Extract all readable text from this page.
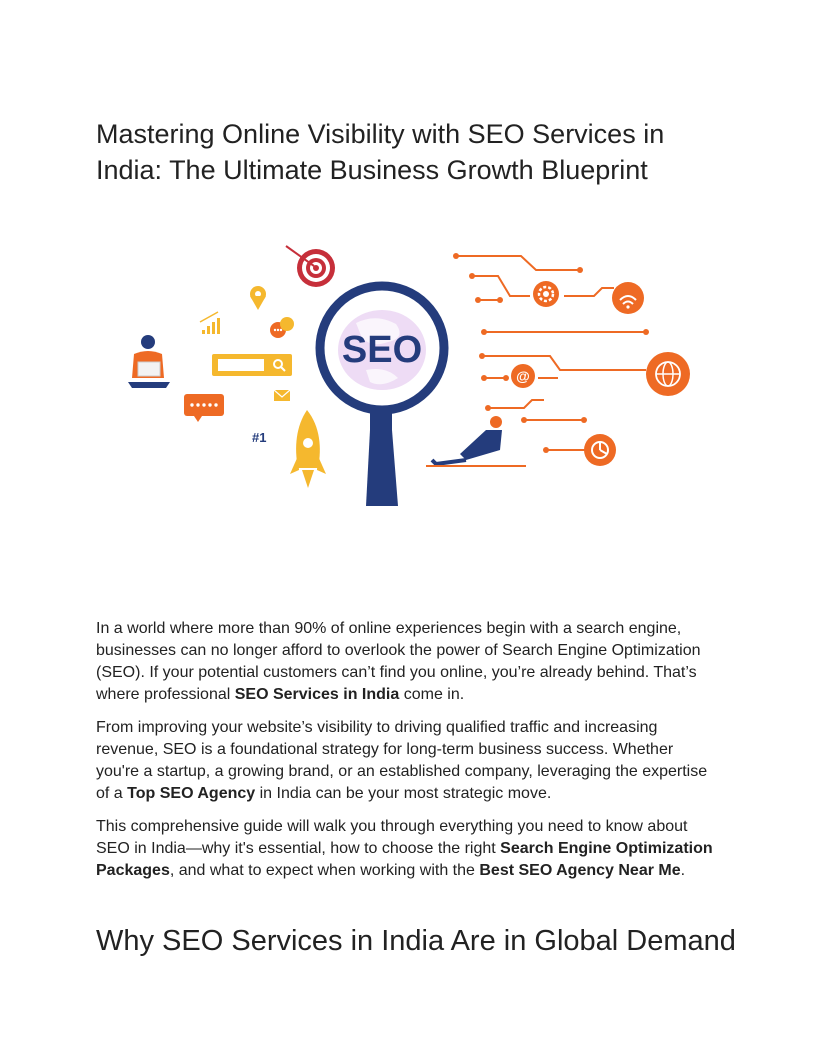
Mastering Online Visibility with SEO Services in India: The Ultimate Business Growth Blueprint
#1
SEO
@

In a world where more than 90% of online experiences begin with a search engine, businesses can no longer afford to overlook the power of Search Engine Optimization (SEO). If your potential customers can’t find you online, you’re already behind. That’s where professional SEO Services in India come in.

From improving your website’s visibility to driving qualified traffic and increasing revenue, SEO is a foundational strategy for long-term business success. Whether you're a startup, a growing brand, or an established company, leveraging the expertise of a Top SEO Agency in India can be your most strategic move.

This comprehensive guide will walk you through everything you need to know about SEO in India—why it's essential, how to choose the right Search Engine Optimization Packages, and what to expect when working with the Best SEO Agency Near Me.

Why SEO Services in India Are in Global Demand
